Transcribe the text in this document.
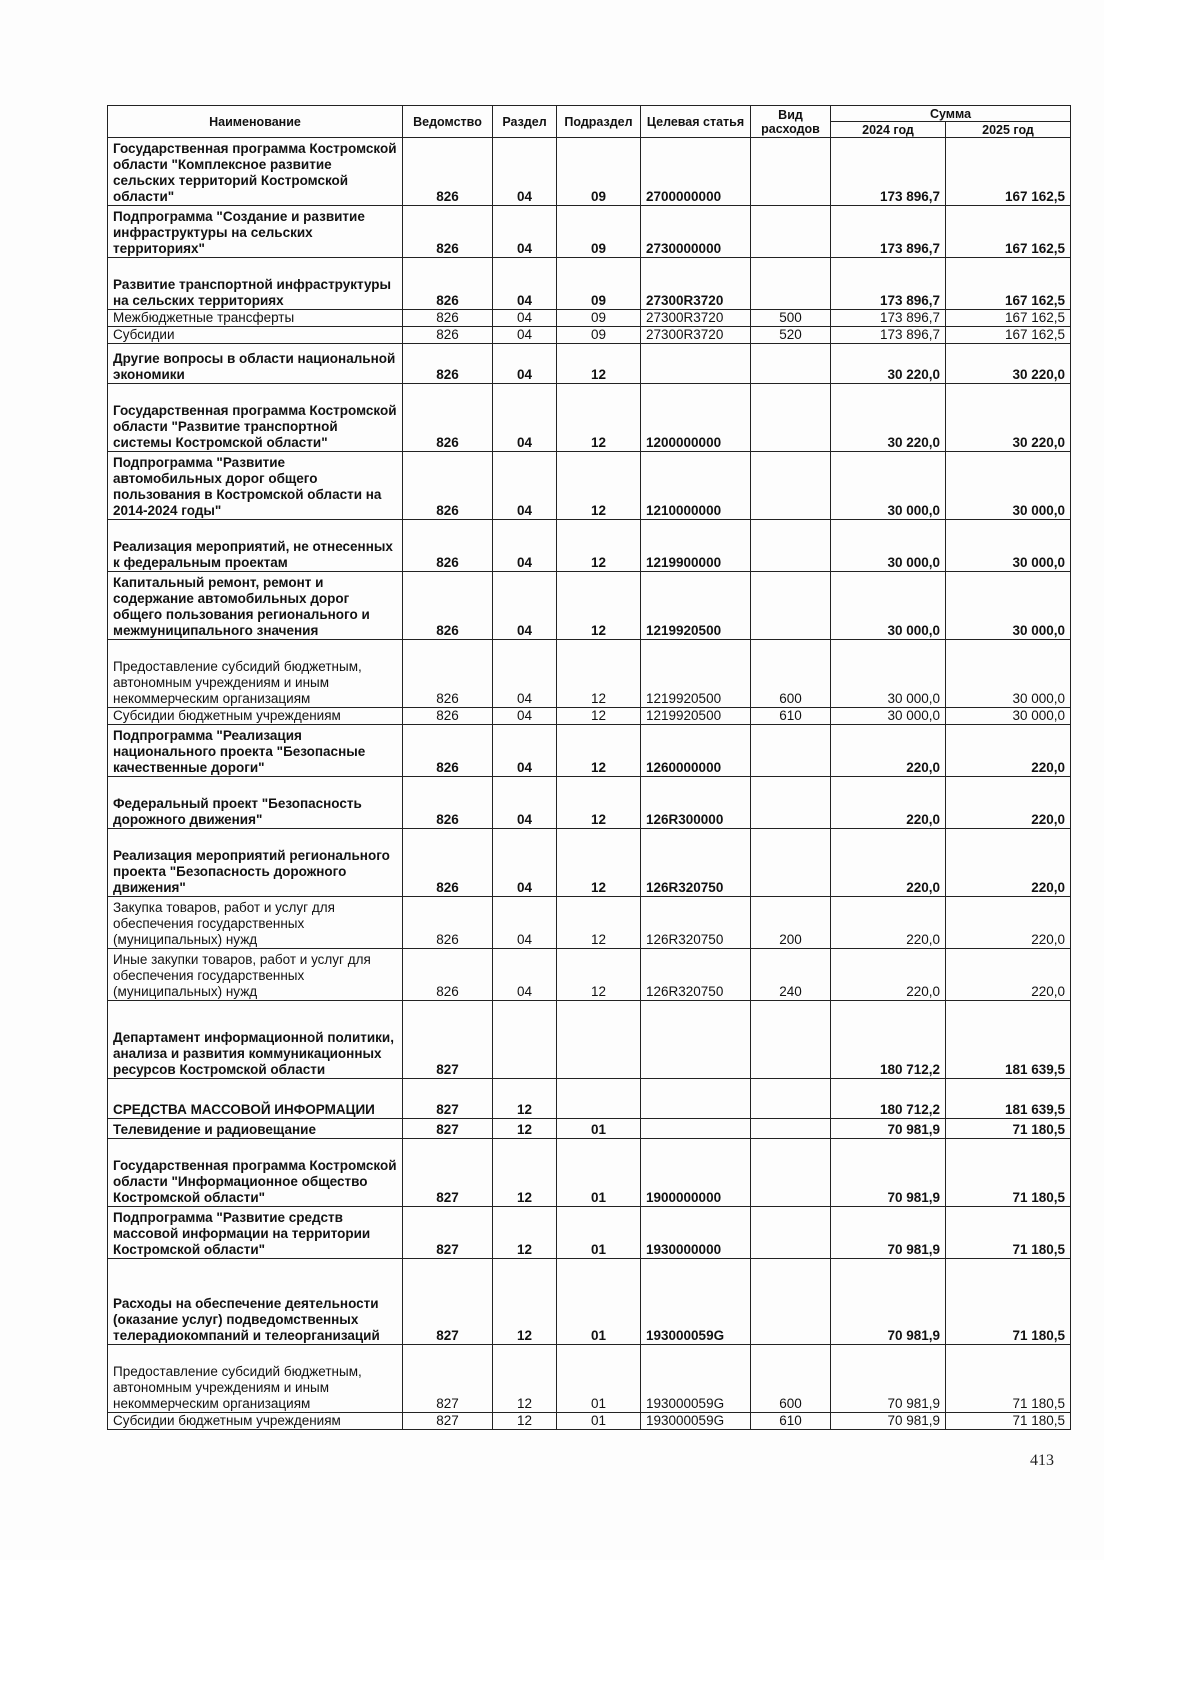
Наименование	Ведомство	Раздел	Подраздел	Целевая статья	Вид расходов	Сумма	
						2024 год	2025 год
Государственная программа Костромской области "Комплексное развитие сельских территорий Костромской области"	826	04	09	2700000000		173 896,7	167 162,5
Подпрограмма "Создание и развитие инфраструктуры на сельских территориях"	826	04	09	2730000000		173 896,7	167 162,5
Развитие транспортной инфраструктуры на сельских территориях	826	04	09	27300R3720		173 896,7	167 162,5
Межбюджетные трансферты	826	04	09	27300R3720	500	173 896,7	167 162,5
Субсидии	826	04	09	27300R3720	520	173 896,7	167 162,5
Другие вопросы в области национальной экономики	826	04	12			30 220,0	30 220,0
Государственная программа Костромской области "Развитие транспортной системы Костромской области"	826	04	12	1200000000		30 220,0	30 220,0
Подпрограмма "Развитие автомобильных дорог общего пользования в Костромской области на 2014-2024 годы"	826	04	12	1210000000		30 000,0	30 000,0
Реализация мероприятий, не отнесенных к федеральным проектам	826	04	12	1219900000		30 000,0	30 000,0
Капитальный ремонт, ремонт и содержание автомобильных дорог общего пользования регионального и межмуниципального значения	826	04	12	1219920500		30 000,0	30 000,0
Предоставление субсидий бюджетным, автономным учреждениям и иным некоммерческим организациям	826	04	12	1219920500	600	30 000,0	30 000,0
Субсидии бюджетным учреждениям	826	04	12	1219920500	610	30 000,0	30 000,0
Подпрограмма "Реализация национального проекта "Безопасные качественные дороги"	826	04	12	1260000000		220,0	220,0
Федеральный проект "Безопасность дорожного движения"	826	04	12	126R300000		220,0	220,0
Реализация мероприятий регионального проекта "Безопасность дорожного движения"	826	04	12	126R320750		220,0	220,0
Закупка товаров, работ и услуг для обеспечения государственных (муниципальных) нужд	826	04	12	126R320750	200	220,0	220,0
Иные закупки товаров, работ и услуг для обеспечения государственных (муниципальных) нужд	826	04	12	126R320750	240	220,0	220,0
Департамент информационной политики, анализа и развития коммуникационных ресурсов Костромской области	827					180 712,2	181 639,5
СРЕДСТВА МАССОВОЙ ИНФОРМАЦИИ	827	12				180 712,2	181 639,5
Телевидение и радиовещание	827	12	01			70 981,9	71 180,5
Государственная программа Костромской области "Информационное общество Костромской области"	827	12	01	1900000000		70 981,9	71 180,5
Подпрограмма "Развитие средств массовой информации на территории Костромской области"	827	12	01	1930000000		70 981,9	71 180,5
Расходы на обеспечение деятельности (оказание услуг) подведомственных телерадиокомпаний и телеорганизаций	827	12	01	193000059G		70 981,9	71 180,5
Предоставление субсидий бюджетным, автономным учреждениям и иным некоммерческим организациям	827	12	01	193000059G	600	70 981,9	71 180,5
Субсидии бюджетным учреждениям	827	12	01	193000059G	610	70 981,9	71 180,5
413
